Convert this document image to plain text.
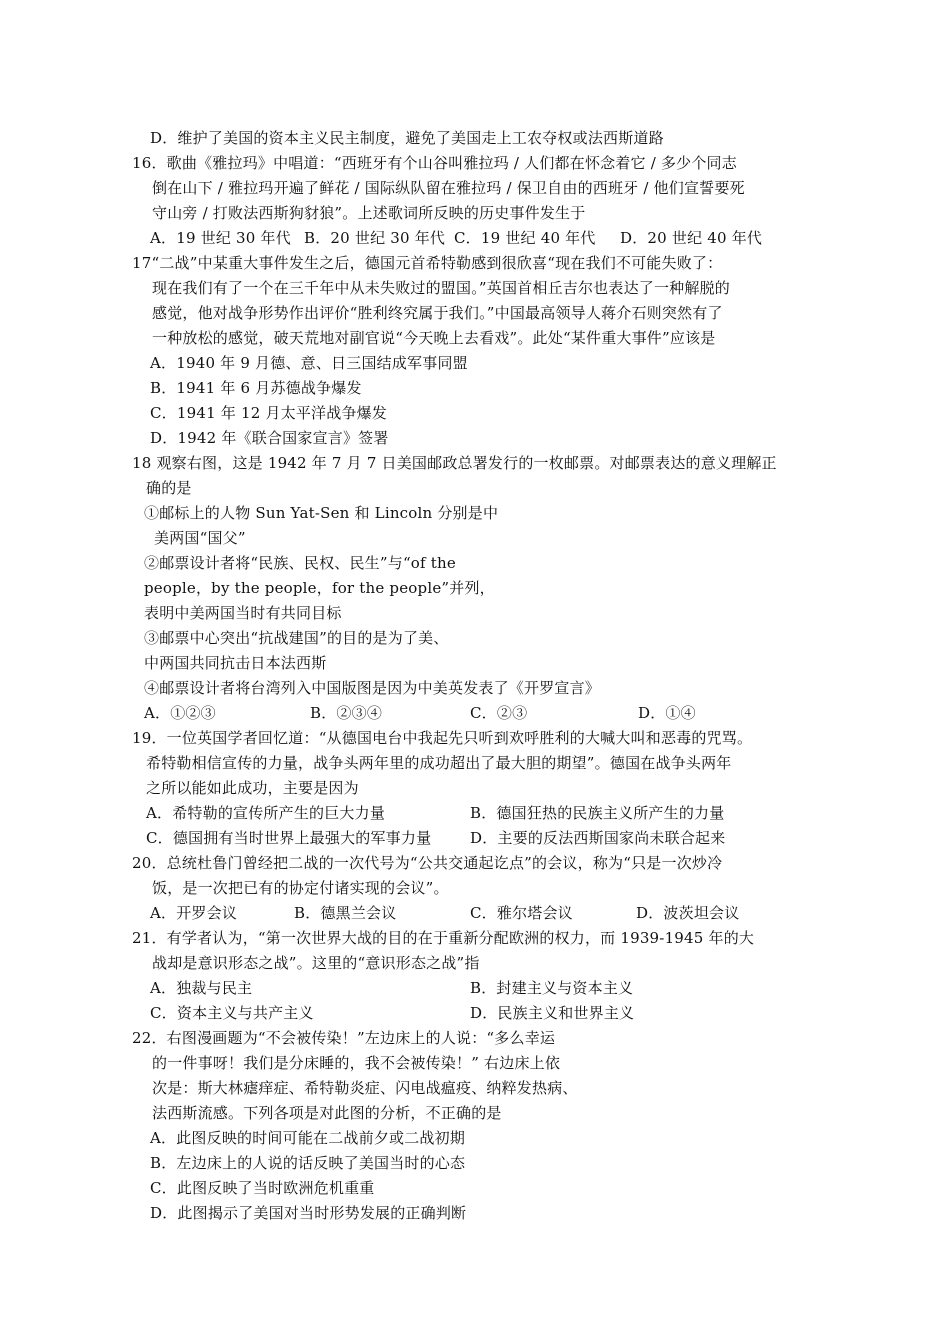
D．维护了美国的资本主义民主制度，避免了美国走上工农夺权或法西斯道路
16．歌曲《雅拉玛》中唱道：“西班牙有个山谷叫雅拉玛 / 人们都在怀念着它 / 多少个同志
倒在山下 / 雅拉玛开遍了鲜花 / 国际纵队留在雅拉玛 / 保卫自由的西班牙 / 他们宣誓要死
守山旁 / 打败法西斯狗豺狼”。上述歌词所反映的历史事件发生于
A．19 世纪 30 年代 B．20 世纪 30 年代 C．19 世纪 40 年代 D．20 世纪 40 年代
17“二战”中某重大事件发生之后，德国元首希特勒感到很欣喜“现在我们不可能失败了：
现在我们有了一个在三千年中从未失败过的盟国。”英国首相丘吉尔也表达了一种解脱的
感觉，他对战争形势作出评价“胜利终究属于我们。”中国最高领导人蒋介石则突然有了
一种放松的感觉，破天荒地对副官说“今天晚上去看戏”。此处“某件重大事件”应该是
A．1940 年 9 月德、意、日三国结成军事同盟
B．1941 年 6 月苏德战争爆发
C．1941 年 12 月太平洋战争爆发
D．1942 年《联合国家宣言》签署
18 观察右图，这是 1942 年 7 月 7 日美国邮政总署发行的一枚邮票。对邮票表达的意义理解正
确的是
①邮标上的人物 Sun Yat-Sen 和 Lincoln 分别是中
美两国“国父”
②邮票设计者将“民族、民权、民生”与“of the
people，by the people，for the people”并列，
表明中美两国当时有共同目标
③邮票中心突出“抗战建国”的目的是为了美、
中两国共同抗击日本法西斯
④邮票设计者将台湾列入中国版图是因为中美英发表了《开罗宣言》
A．①②③	B．②③④	C．②③	D．①④
19．一位英国学者回忆道：“从德国电台中我起先只听到欢呼胜利的大喊大叫和恶毒的咒骂。
希特勒相信宣传的力量，战争头两年里的成功超出了最大胆的期望”。德国在战争头两年
之所以能如此成功，主要是因为
A．希特勒的宣传所产生的巨大力量	B．德国狂热的民族主义所产生的力量
C．德国拥有当时世界上最强大的军事力量	D．主要的反法西斯国家尚未联合起来
20．总统杜鲁门曾经把二战的一次代号为“公共交通起讫点”的会议，称为“只是一次炒冷
饭，是一次把已有的协定付诸实现的会议”。
A．开罗会议	B．德黑兰会议	C．雅尔塔会议	D．波茨坦会议
21．有学者认为，“第一次世界大战的目的在于重新分配欧洲的权力，而 1939-1945 年的大
战却是意识形态之战”。这里的“意识形态之战”指
A．独裁与民主	B．封建主义与资本主义
C．资本主义与共产主义	D．民族主义和世界主义
22．右图漫画题为“不会被传染！”左边床上的人说：“多么幸运
的一件事呀！我们是分床睡的，我不会被传染！” 右边床上依
次是：斯大林瘧痒症、希特勒炎症、闪电战瘟疫、纳粹发热病、
法西斯流感。下列各项是对此图的分析，不正确的是
A．此图反映的时间可能在二战前夕或二战初期
B．左边床上的人说的话反映了美国当时的心态
C．此图反映了当时欧洲危机重重
D．此图揭示了美国对当时形势发展的正确判断
